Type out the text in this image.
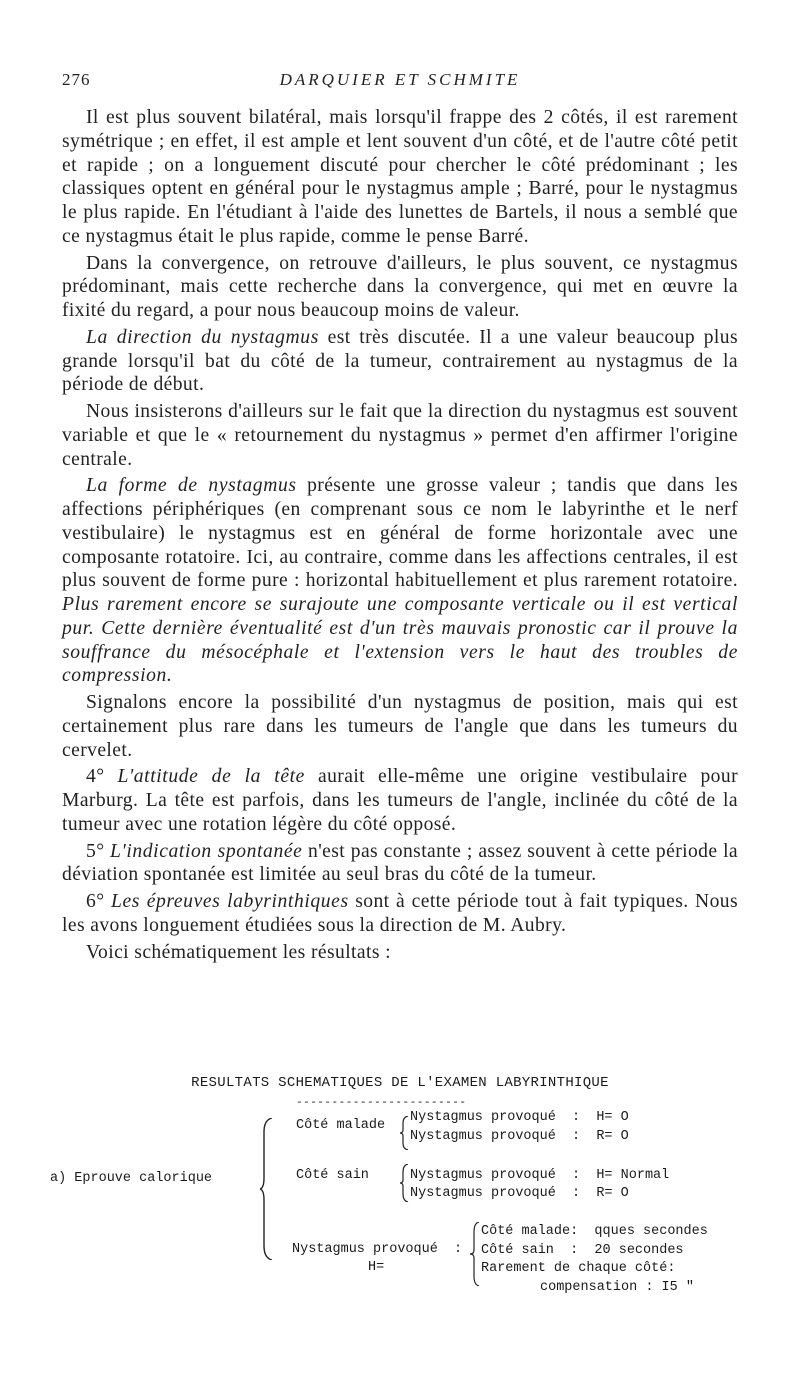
276	DARQUIER ET SCHMITE

Il est plus souvent bilatéral, mais lorsqu'il frappe des 2 côtés, il est rarement symétrique ; en effet, il est ample et lent souvent d'un côté, et de l'autre côté petit et rapide ; on a longuement discuté pour chercher le côté prédominant ; les classiques optent en général pour le nystagmus ample ; Barré, pour le nystagmus le plus rapide. En l'étudiant à l'aide des lunettes de Bartels, il nous a semblé que ce nystagmus était le plus rapide, comme le pense Barré.

Dans la convergence, on retrouve d'ailleurs, le plus souvent, ce nystagmus prédominant, mais cette recherche dans la convergence, qui met en œuvre la fixité du regard, a pour nous beaucoup moins de valeur.

La direction du nystagmus est très discutée. Il a une valeur beaucoup plus grande lorsqu'il bat du côté de la tumeur, contrairement au nystagmus de la période de début.

Nous insisterons d'ailleurs sur le fait que la direction du nystagmus est souvent variable et que le « retournement du nystagmus » permet d'en affirmer l'origine centrale.

La forme de nystagmus présente une grosse valeur ; tandis que dans les affections périphériques (en comprenant sous ce nom le labyrinthe et le nerf vestibulaire) le nystagmus est en général de forme horizontale avec une composante rotatoire. Ici, au contraire, comme dans les affections centrales, il est plus souvent de forme pure : horizontal habituellement et plus rarement rotatoire. Plus rarement encore se surajoute une composante verticale ou il est vertical pur. Cette dernière éventualité est d'un très mauvais pronostic car il prouve la souffrance du mésocéphale et l'extension vers le haut des troubles de compression.

Signalons encore la possibilité d'un nystagmus de position, mais qui est certainement plus rare dans les tumeurs de l'angle que dans les tumeurs du cervelet.

4° L'attitude de la tête aurait elle-même une origine vestibulaire pour Marburg. La tête est parfois, dans les tumeurs de l'angle, inclinée du côté de la tumeur avec une rotation légère du côté opposé.

5° L'indication spontanée n'est pas constante ; assez souvent à cette période la déviation spontanée est limitée au seul bras du côté de la tumeur.

6° Les épreuves labyrinthiques sont à cette période tout à fait typiques. Nous les avons longuement étudiées sous la direction de M. Aubry.

Voici schématiquement les résultats :

RESULTATS SCHEMATIQUES DE L'EXAMEN LABYRINTHIQUE
------------------------
a) Eprouve calorique
Côté malade
Nystagmus provoqué  :  H= O
Nystagmus provoqué  :  R= O
Côté sain	Nystagmus provoqué  :  H= Normal
Nystagmus provoqué  :  R= O
Nystagmus provoqué  :
H=
Côté malade:  qques secondes
Côté sain  :  20 secondes
Rarement de chaque côté:
compensation : I5 "
